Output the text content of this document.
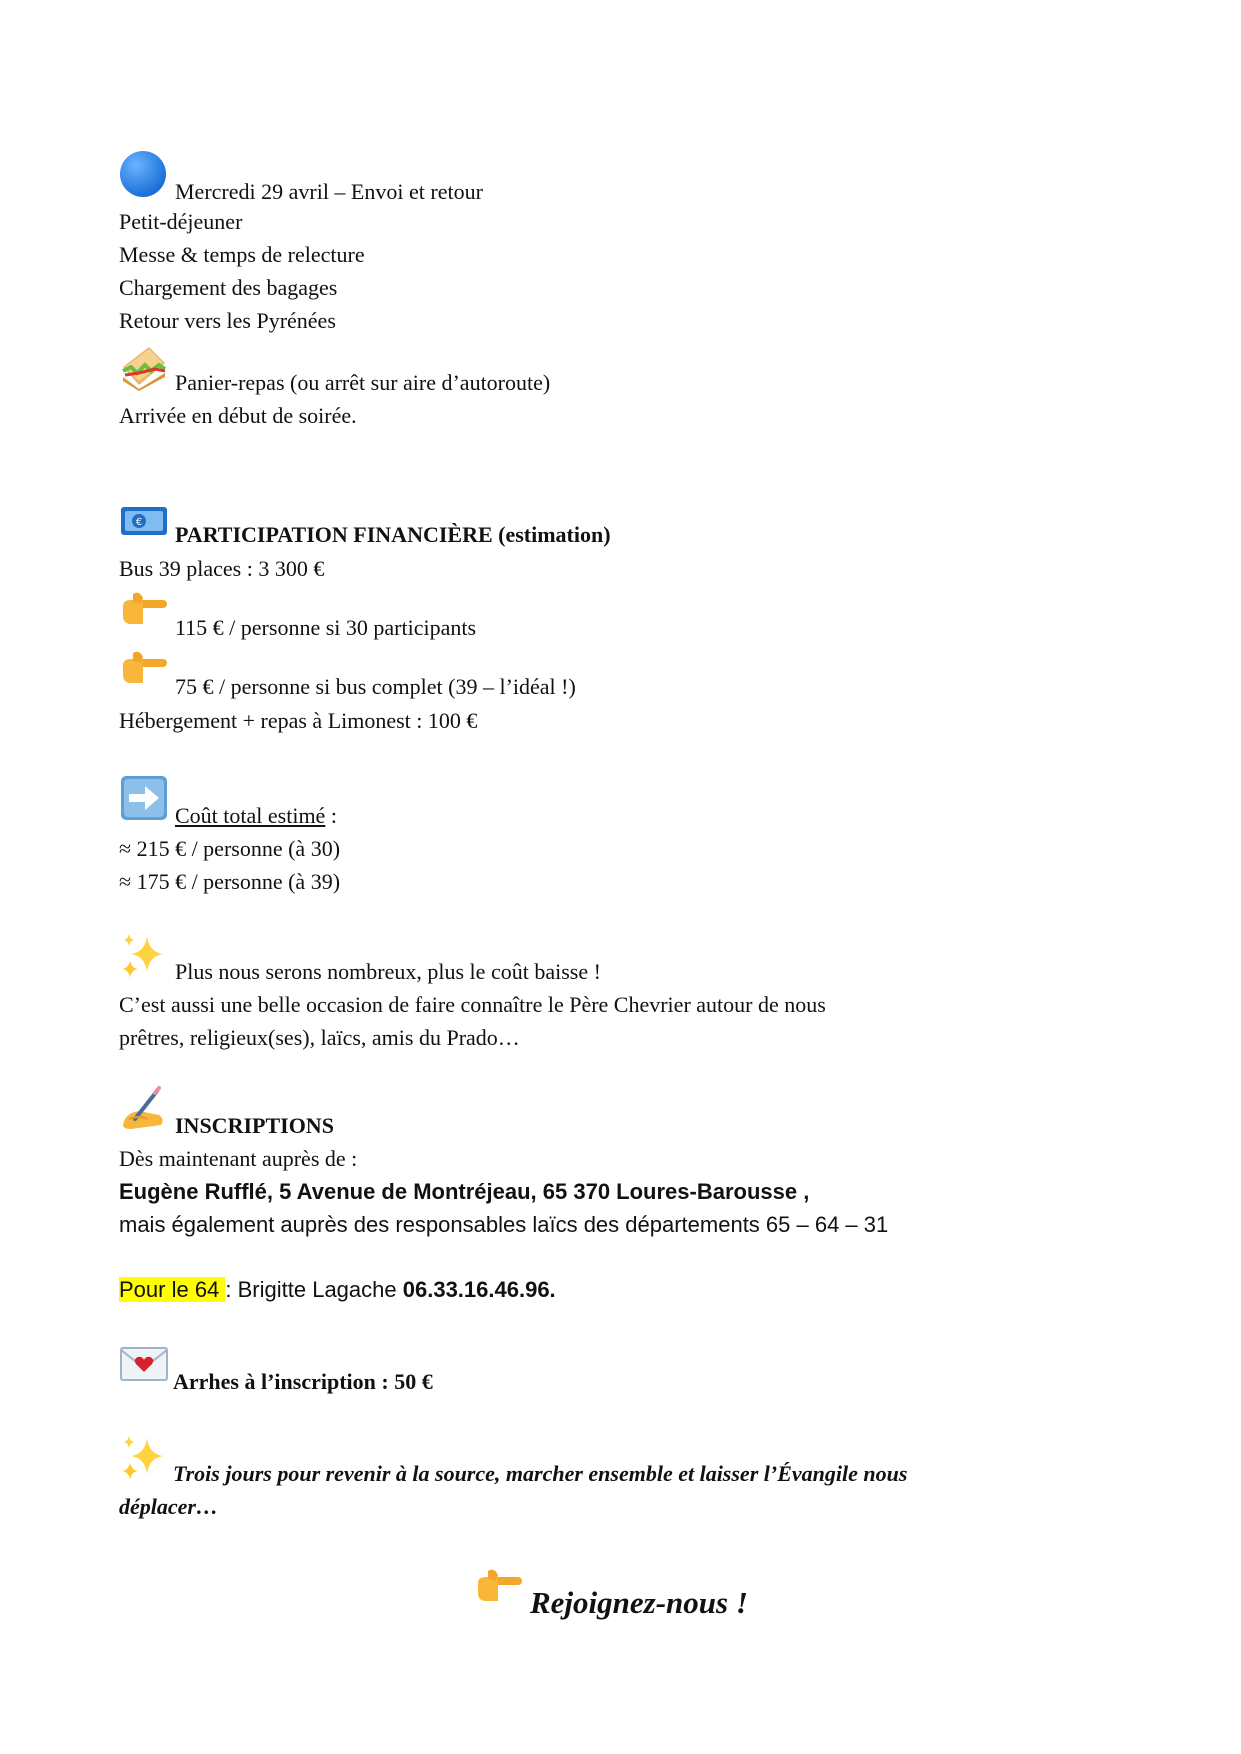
Mercredi 29 avril – Envoi et retour
Petit-déjeuner
Messe & temps de relecture
Chargement des bagages
Retour vers les Pyrénées
Panier-repas (ou arrêt sur aire d’autoroute)
Arrivée en début de soirée.
€ PARTICIPATION FINANCIÈRE (estimation)
Bus 39 places : 3 300 €
115 € / personne si 30 participants
75 € / personne si bus complet (39 – l’idéal !)
Hébergement + repas à Limonest : 100 €
Coût total estimé :
≈ 215 € / personne (à 30)
≈ 175 € / personne (à 39)
Plus nous serons nombreux, plus le coût baisse !
C’est aussi une belle occasion de faire connaître le Père Chevrier autour de nous
prêtres, religieux(ses), laïcs, amis du Prado…
INSCRIPTIONS
Dès maintenant auprès de :
Eugène Rufflé, 5 Avenue de Montréjeau, 65 370 Loures-Barousse ,
mais également auprès des responsables laïcs des départements 65 – 64 – 31
Pour le 64 : Brigitte Lagache 06.33.16.46.96.
Arrhes à l’inscription : 50 €
Trois jours pour revenir à la source, marcher ensemble et laisser l’Évangile nous
déplacer…
Rejoignez-nous !
